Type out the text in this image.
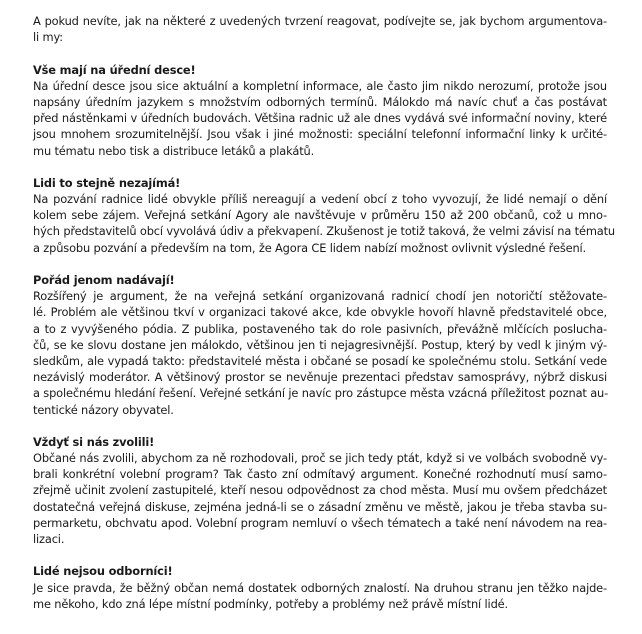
A pokud nevíte, jak na některé z uvedených tvrzení reagovat, podívejte se, jak bychom argumentova-
li my:
Vše mají na úřední desce!
Na úřední desce jsou sice aktuální a kompletní informace, ale často jim nikdo nerozumí, protože jsou
napsány úředním jazykem s množstvím odborných termínů. Málokdo má navíc chuť a čas postávat
před nástěnkami v úředních budovách. Většina radnic už ale dnes vydává své informační noviny, které
jsou mnohem srozumitelnější. Jsou však i jiné možnosti: speciální telefonní informační linky k určité-
mu tématu nebo tisk a distribuce letáků a plakátů.
Lidi to stejně nezajímá!
Na pozvání radnice lidé obvykle příliš nereagují a vedení obcí z toho vyvozují, že lidé nemají o dění
kolem sebe zájem. Veřejná setkání Agory ale navštěvuje v průměru 150 až 200 občanů, což u mno-
hých představitelů obcí vyvolává údiv a překvapení. Zkušenost je totiž taková, že velmi závisí na tématu
a způsobu pozvání a především na tom, že Agora CE lidem nabízí možnost ovlivnit výsledné řešení.
Pořád jenom nadávají!
Rozšířený je argument, že na veřejná setkání organizovaná radnicí chodí jen notoričtí stěžovate-
lé. Problém ale většinou tkví v organizaci takové akce, kde obvykle hovoří hlavně představitelé obce,
a to z vyvýšeného pódia. Z publika, postaveného tak do role pasivních, převážně mlčících posluchа-
čů, se ke slovu dostane jen málokdo, většinou jen ti nejagresivnější. Postup, který by vedl k jiným vý-
sledkům, ale vypadá takto: představitelé města i občané se posadí ke společnému stolu. Setkání vede
nezávislý moderátor. A většinový prostor se nevěnuje prezentaci představ samosprávy, nýbrž diskusi
a společnému hledání řešení. Veřejné setkání je navíc pro zástupce města vzácná příležitost poznat au-
tentické názory obyvatel.
Vždyť si nás zvolili!
Občané nás zvolili, abychom za ně rozhodovali, proč se jich tedy ptát, když si ve volbách svobodně vy-
brali konkrétní volební program? Tak často zní odmítavý argument. Konečné rozhodnutí musí samo-
zřejmě učinit zvolení zastupitelé, kteří nesou odpovědnost za chod města. Musí mu ovšem předcházet
dostatečná veřejná diskuse, zejména jedná-li se o zásadní změnu ve městě, jakou je třeba stavba su-
permarketu, obchvatu apod. Volební program nemluví o všech tématech a také není návodem na rea-
lizaci.
Lidé nejsou odborníci!
Je sice pravda, že běžný občan nemá dostatek odborných znalostí. Na druhou stranu jen těžko najde-
me někoho, kdo zná lépe místní podmínky, potřeby a problémy než právě místní lidé.
